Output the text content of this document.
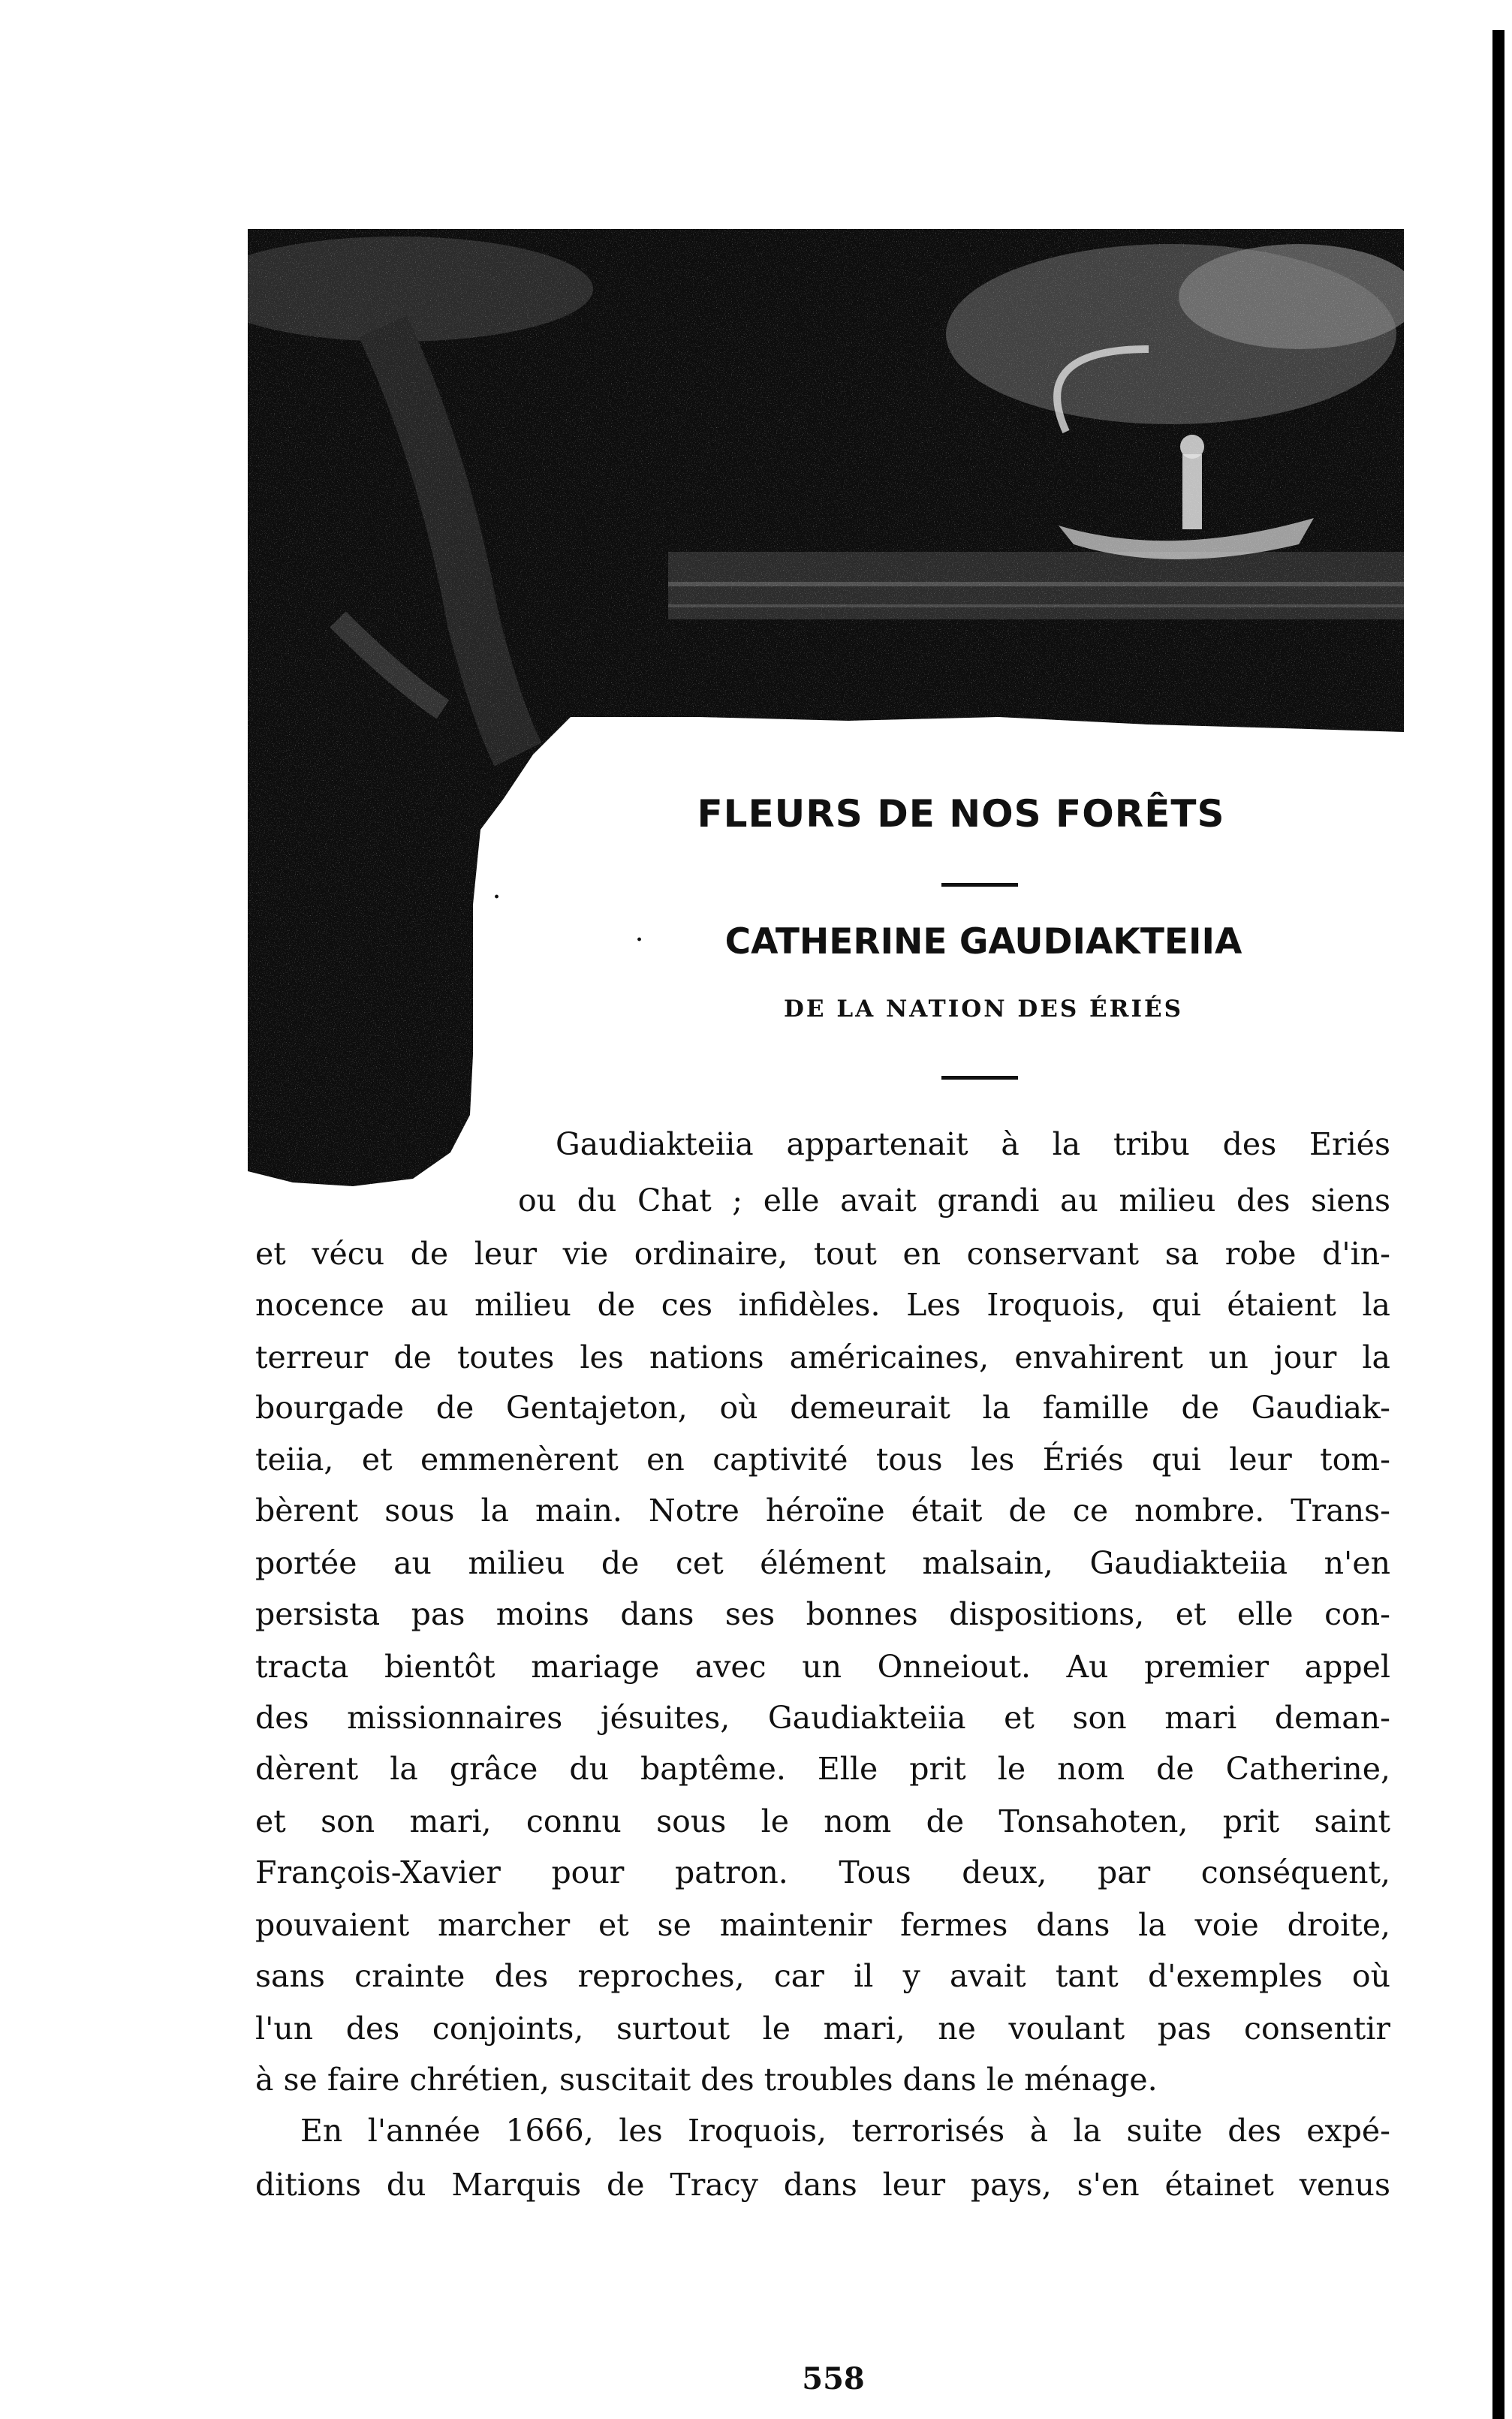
FLEURS DE NOS FORÊTS
·
·	CATHERINE GAUDIAKTEIIA
DE LA NATION DES ÉRIÉS
Gaudiakteiia appartenait à la tribu des Eriés
ou du Chat ; elle avait grandi au milieu des siens
et vécu de leur vie ordinaire, tout en conservant sa robe d'in-
nocence au milieu de ces infidèles. Les Iroquois, qui étaient la
terreur de toutes les nations américaines, envahirent un jour la
bourgade de Gentajeton, où demeurait la famille de Gaudiak-
teiia, et emmenèrent en captivité tous les Ériés qui leur tom-
bèrent sous la main. Notre héroïne était de ce nombre. Trans-
portée au milieu de cet élément malsain, Gaudiakteiia n'en
persista pas moins dans ses bonnes dispositions, et elle con-
tracta bientôt mariage avec un Onneiout. Au premier appel
des missionnaires jésuites, Gaudiakteiia et son mari deman-
dèrent la grâce du baptême. Elle prit le nom de Catherine,
et son mari, connu sous le nom de Tonsahoten, prit saint
François-Xavier pour patron. Tous deux, par conséquent,
pouvaient marcher et se maintenir fermes dans la voie droite,
sans crainte des reproches, car il y avait tant d'exemples où
l'un des conjoints, surtout le mari, ne voulant pas consentir
à se faire chrétien, suscitait des troubles dans le ménage.
En l'année 1666, les Iroquois, terrorisés à la suite des expé-
ditions du Marquis de Tracy dans leur pays, s'en étainet venus
558
